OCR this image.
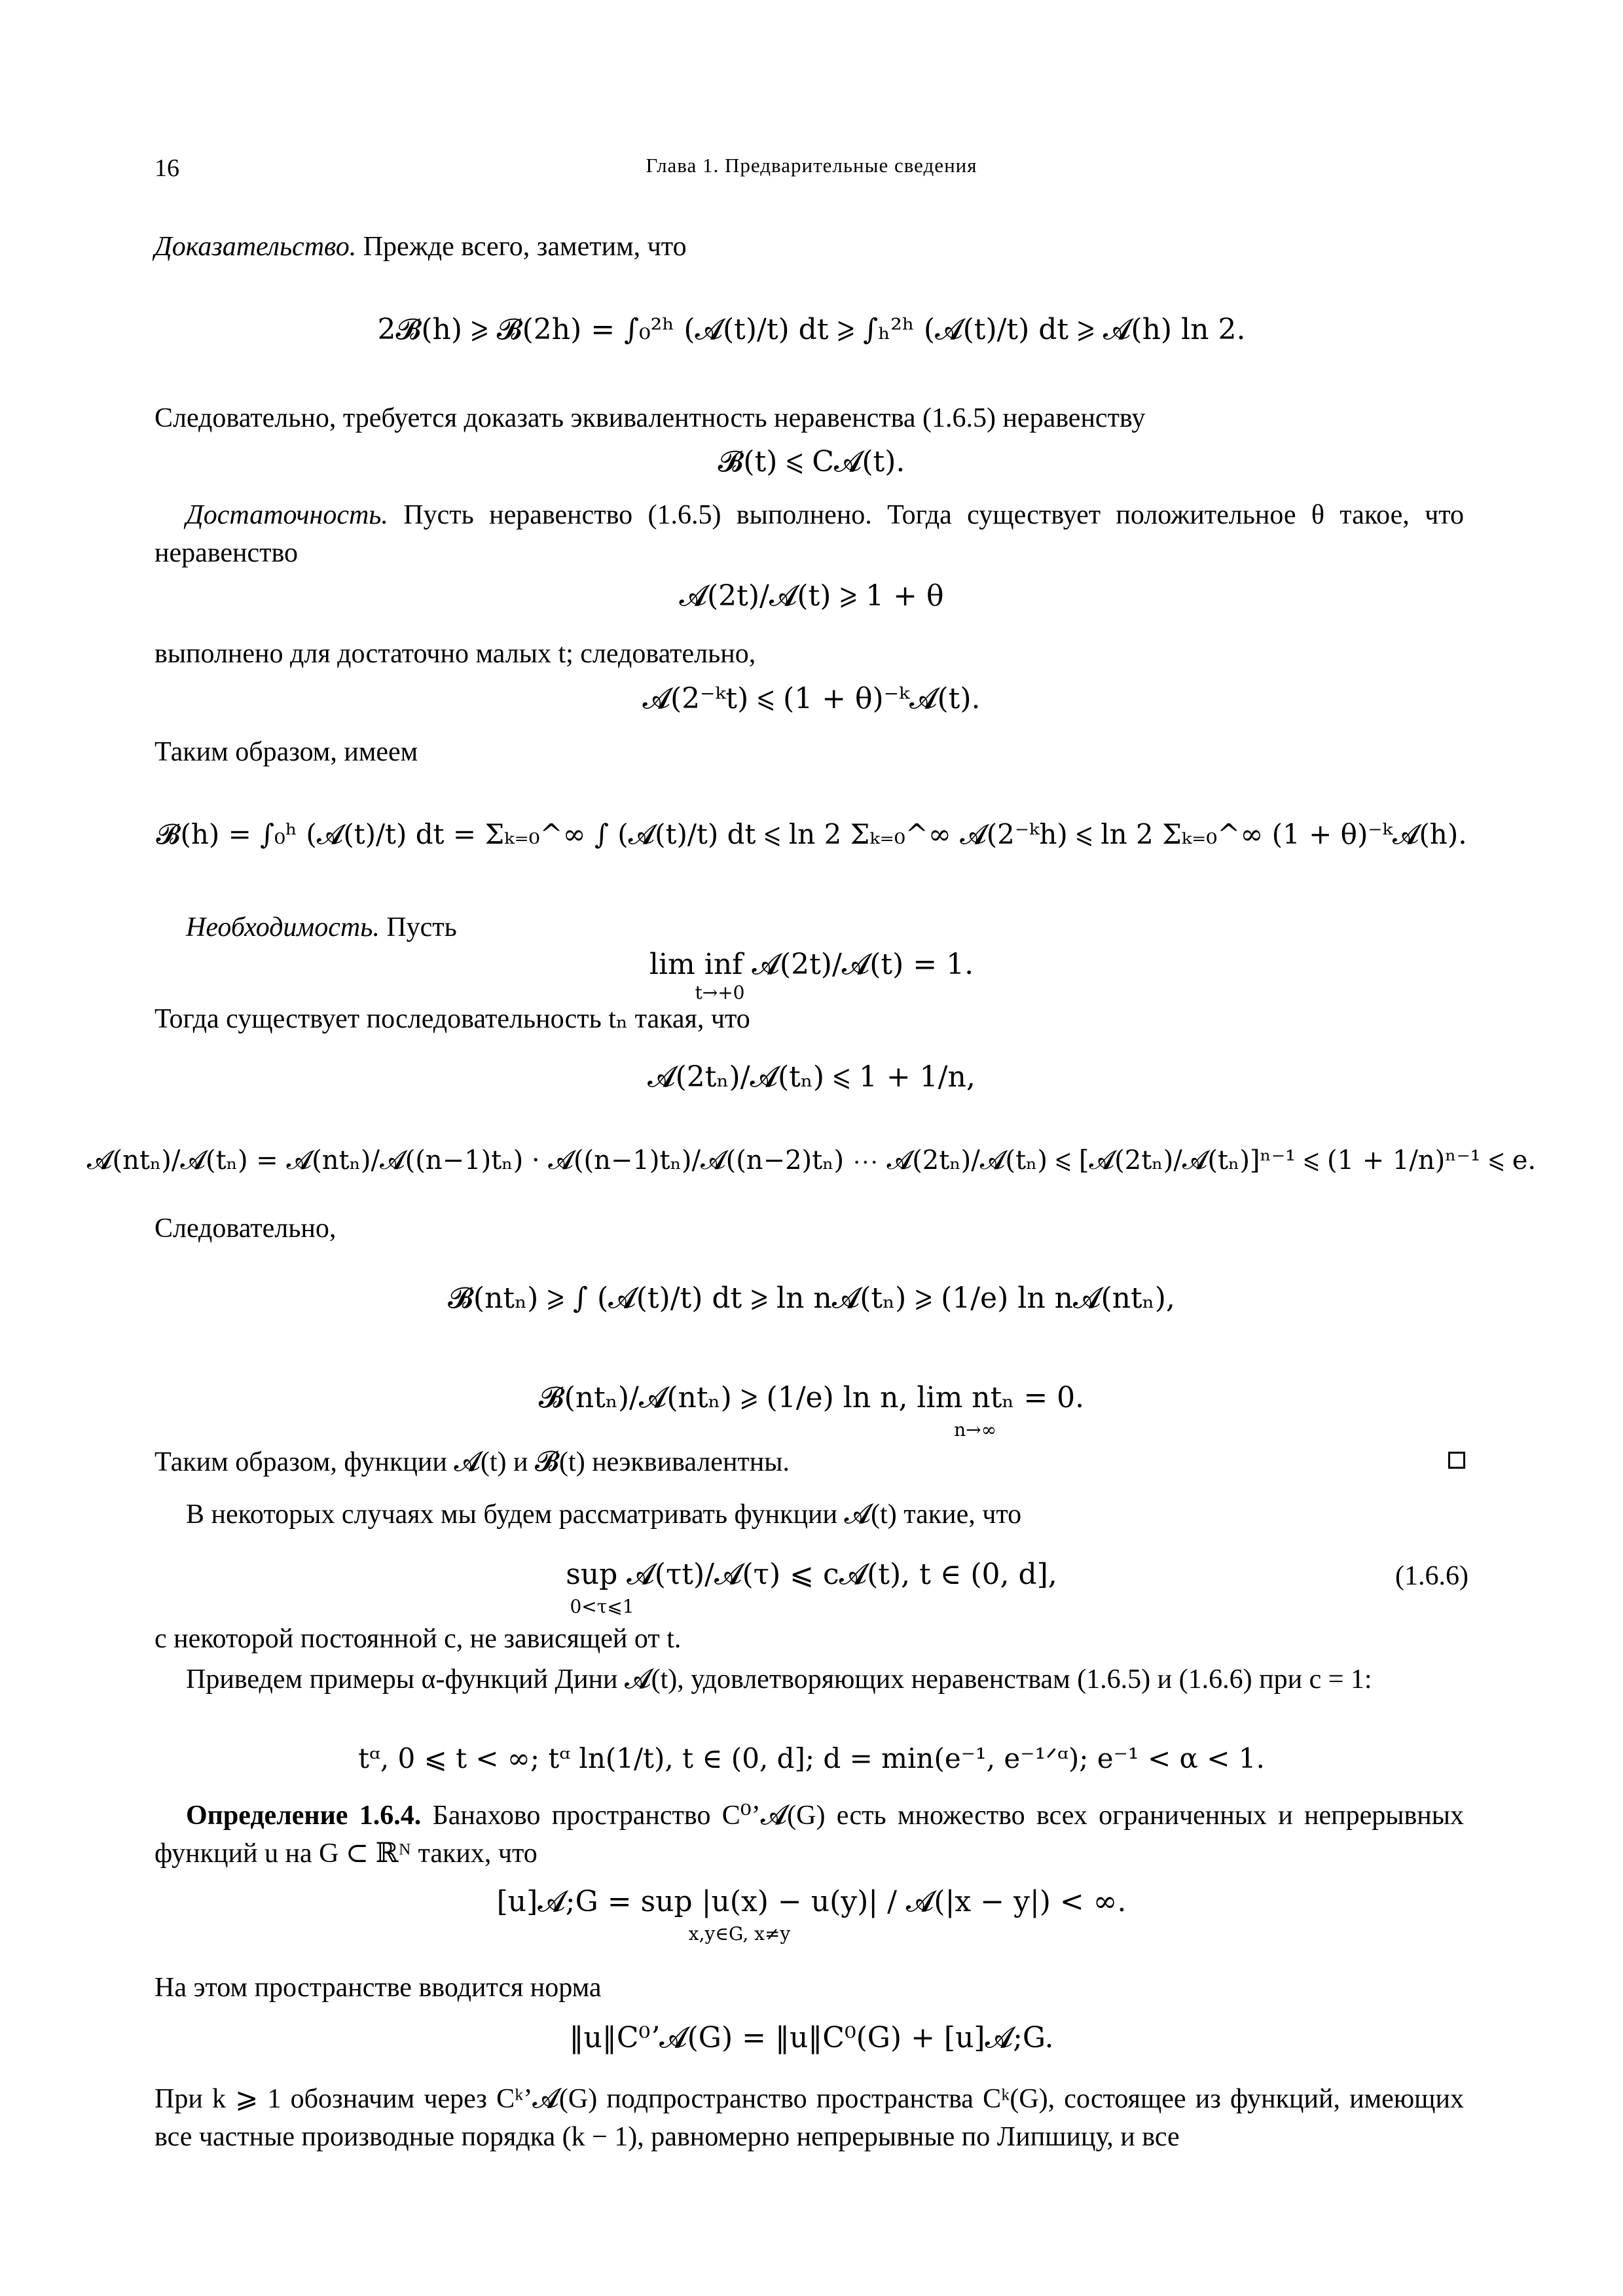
16	Глава 1. Предварительные сведения
Доказательство. Прежде всего, заметим, что
2𝓑(h) ⩾ 𝓑(2h) = ∫₀²ʰ (𝓐(t)/t) dt ⩾ ∫ₕ²ʰ (𝓐(t)/t) dt ⩾ 𝓐(h) ln 2.
Следовательно, требуется доказать эквивалентность неравенства (1.6.5) неравенству
𝓑(t) ⩽ C𝓐(t).
Достаточность. Пусть неравенство (1.6.5) выполнено. Тогда существует положительное θ такое, что неравенство
𝓐(2t)/𝓐(t) ⩾ 1 + θ
выполнено для достаточно малых t; следовательно,
𝓐(2⁻ᵏt) ⩽ (1 + θ)⁻ᵏ𝓐(t).
Таким образом, имеем
𝓑(h) = ∫₀ʰ (𝓐(t)/t) dt = Σₖ₌₀^∞ ∫ (𝓐(t)/t) dt ⩽ ln 2 Σₖ₌₀^∞ 𝓐(2⁻ᵏh) ⩽ ln 2 Σₖ₌₀^∞ (1 + θ)⁻ᵏ𝓐(h).
Необходимость. Пусть
lim inf 𝓐(2t)/𝓐(t) = 1.
t→+0
Тогда существует последовательность tₙ такая, что
𝓐(2tₙ)/𝓐(tₙ) ⩽ 1 + 1/n,
𝓐(ntₙ)/𝓐(tₙ) = 𝓐(ntₙ)/𝓐((n−1)tₙ) · 𝓐((n−1)tₙ)/𝓐((n−2)tₙ) ⋯ 𝓐(2tₙ)/𝓐(tₙ) ⩽ [𝓐(2tₙ)/𝓐(tₙ)]ⁿ⁻¹ ⩽ (1 + 1/n)ⁿ⁻¹ ⩽ e.
Следовательно,
𝓑(ntₙ) ⩾ ∫ (𝓐(t)/t) dt ⩾ ln n𝓐(tₙ) ⩾ (1/e) ln n𝓐(ntₙ),
𝓑(ntₙ)/𝓐(ntₙ) ⩾ (1/e) ln n, lim ntₙ = 0.
n→∞
Таким образом, функции 𝓐(t) и 𝓑(t) неэквивалентны.
В некоторых случаях мы будем рассматривать функции 𝓐(t) такие, что
sup 𝓐(τt)/𝓐(τ) ⩽ c𝓐(t), t ∈ (0, d],
0<τ⩽1
(1.6.6)
с некоторой постоянной c, не зависящей от t.
Приведем примеры α-функций Дини 𝓐(t), удовлетворяющих неравенствам (1.6.5) и (1.6.6) при c = 1:
tᵅ, 0 ⩽ t < ∞; tᵅ ln(1/t), t ∈ (0, d]; d = min(e⁻¹, e⁻¹ᐟᵅ); e⁻¹ < α < 1.
Определение 1.6.4. Банахово пространство C⁰ʼ𝓐(G) есть множество всех ограниченных и непрерывных функций u на G ⊂ ℝᴺ таких, что
[u]𝓐;G = sup |u(x) − u(y)| / 𝓐(|x − y|) < ∞.
x,y∈G, x≠y
На этом пространстве вводится норма
‖u‖C⁰ʼ𝓐(G) = ‖u‖C⁰(G) + [u]𝓐;G.
При k ⩾ 1 обозначим через Cᵏʼ𝓐(G) подпространство пространства Cᵏ(G), состоящее из функций, имеющих все частные производные порядка (k − 1), равномерно непрерывные по Липшицу, и все
